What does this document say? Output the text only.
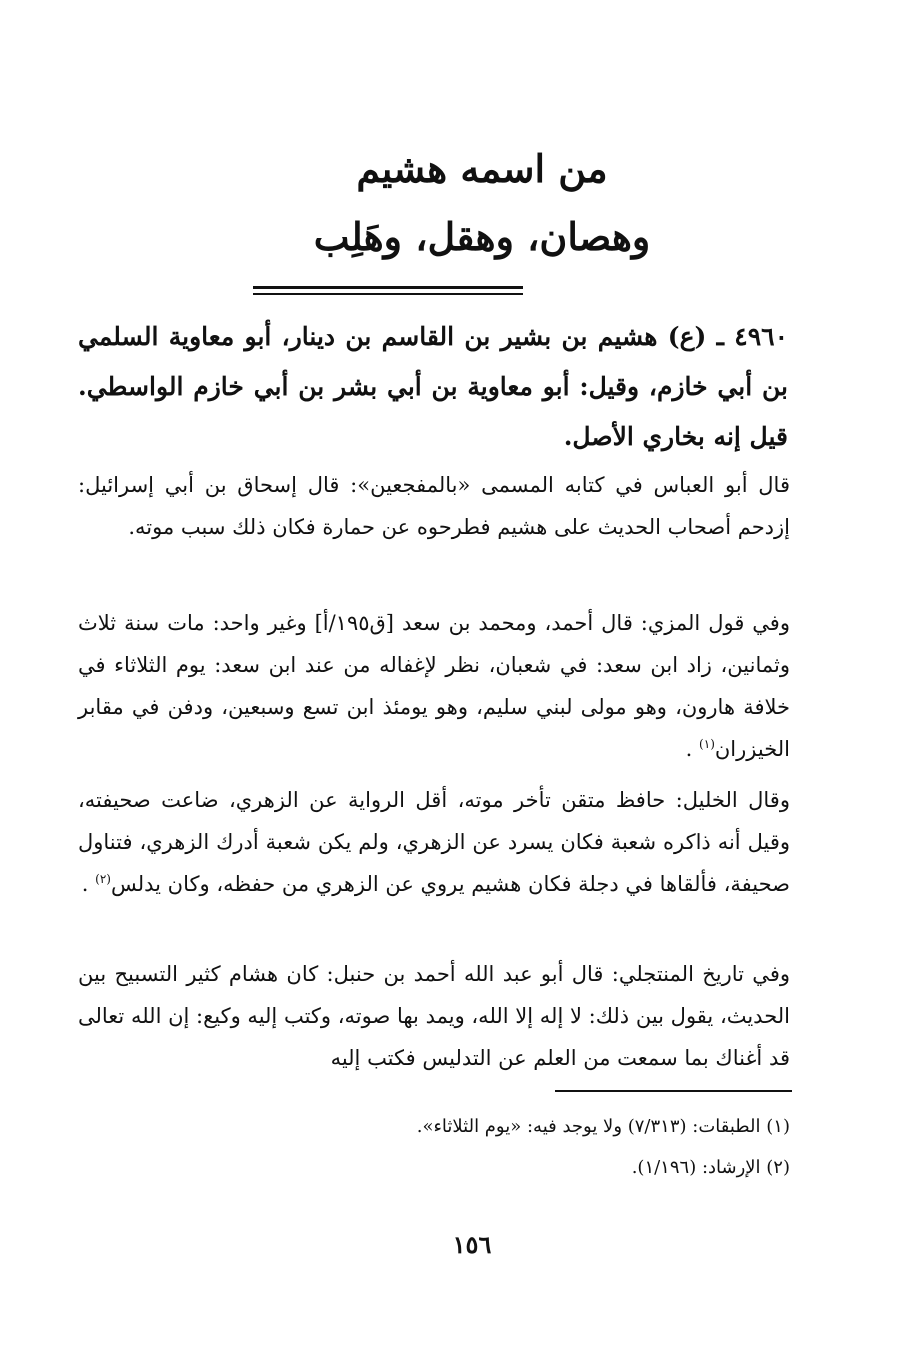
من اسمه هشيم
وهصان، وهقل، وهَلِب
٤٩٦٠ ـ (ع) هشيم بن بشير بن القاسم بن دينار، أبو معاوية السلمي بن أبي خازم، وقيل: أبو معاوية بن أبي بشر بن أبي خازم الواسطي. قيل إنه بخاري الأصل.
قال أبو العباس في كتابه المسمى «بالمفجعين»: قال إسحاق بن أبي إسرائيل: إزدحم أصحاب الحديث على هشيم فطرحوه عن حمارة فكان ذلك سبب موته.
وفي قول المزي: قال أحمد، ومحمد بن سعد [ق١٩٥/أ] وغير واحد: مات سنة ثلاث وثمانين، زاد ابن سعد: في شعبان، نظر لإغفاله من عند ابن سعد: يوم الثلاثاء في خلافة هارون، وهو مولى لبني سليم، وهو يومئذ ابن تسع وسبعين، ودفن في مقابر الخيزران$^{(١)}$ .
وقال الخليل: حافظ متقن تأخر موته، أقل الرواية عن الزهري، ضاعت صحيفته، وقيل أنه ذاكره شعبة فكان يسرد عن الزهري، ولم يكن شعبة أدرك الزهري، فتناول صحيفة، فألقاها في دجلة فكان هشيم يروي عن الزهري من حفظه، وكان يدلس$^{(٢)}$ .
وفي تاريخ المنتجلي: قال أبو عبد الله أحمد بن حنبل: كان هشام كثير التسبيح بين الحديث، يقول بين ذلك: لا إله إلا الله، ويمد بها صوته، وكتب إليه وكيع: إن الله تعالى قد أغناك بما سمعت من العلم عن التدليس فكتب إليه
(١) الطبقات: (٧/٣١٣) ولا يوجد فيه: «يوم الثلاثاء».
(٢) الإرشاد: (١/١٩٦).
١٥٦
